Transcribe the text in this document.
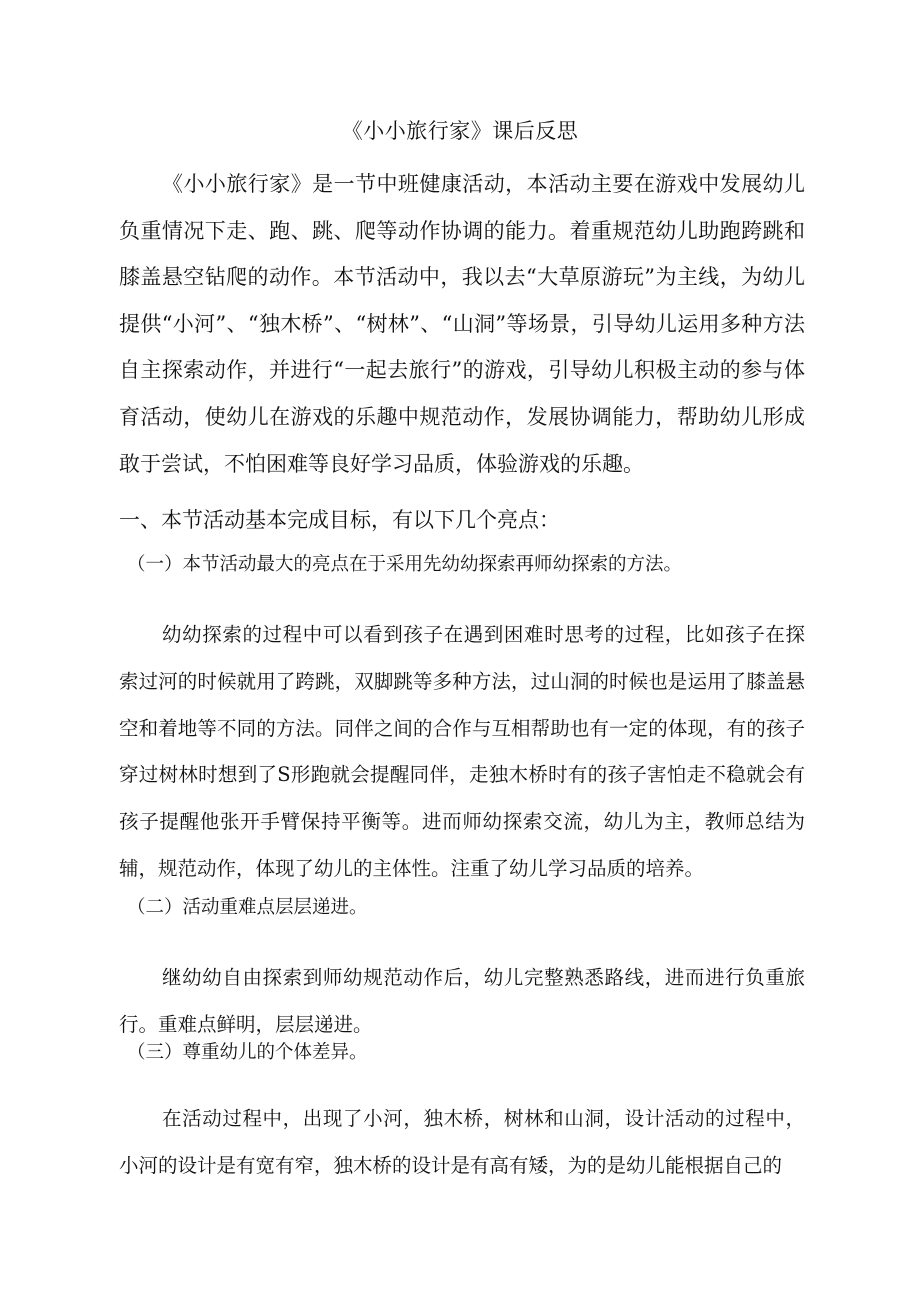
《小小旅行家》课后反思

《小小旅行家》是一节中班健康活动，本活动主要在游戏中发展幼儿负重情况下走、跑、跳、爬等动作协调的能力。着重规范幼儿助跑跨跳和膝盖悬空钻爬的动作。本节活动中，我以去“大草原游玩”为主线，为幼儿提供“小河”、“独木桥”、“树林”、“山洞”等场景，引导幼儿运用多种方法自主探索动作，并进行“一起去旅行”的游戏，引导幼儿积极主动的参与体育活动，使幼儿在游戏的乐趣中规范动作，发展协调能力，帮助幼儿形成敢于尝试，不怕困难等良好学习品质，体验游戏的乐趣。

一、本节活动基本完成目标，有以下几个亮点：

（一）本节活动最大的亮点在于采用先幼幼探索再师幼探索的方法。

幼幼探索的过程中可以看到孩子在遇到困难时思考的过程，比如孩子在探索过河的时候就用了跨跳，双脚跳等多种方法，过山洞的时候也是运用了膝盖悬空和着地等不同的方法。同伴之间的合作与互相帮助也有一定的体现，有的孩子穿过树林时想到了S形跑就会提醒同伴，走独木桥时有的孩子害怕走不稳就会有孩子提醒他张开手臂保持平衡等。进而师幼探索交流，幼儿为主，教师总结为辅，规范动作，体现了幼儿的主体性。注重了幼儿学习品质的培养。

（二）活动重难点层层递进。

继幼幼自由探索到师幼规范动作后，幼儿完整熟悉路线，进而进行负重旅行。重难点鲜明，层层递进。

（三）尊重幼儿的个体差异。

在活动过程中，出现了小河，独木桥，树林和山洞，设计活动的过程中，小河的设计是有宽有窄，独木桥的设计是有高有矮，为的是幼儿能根据自己的
